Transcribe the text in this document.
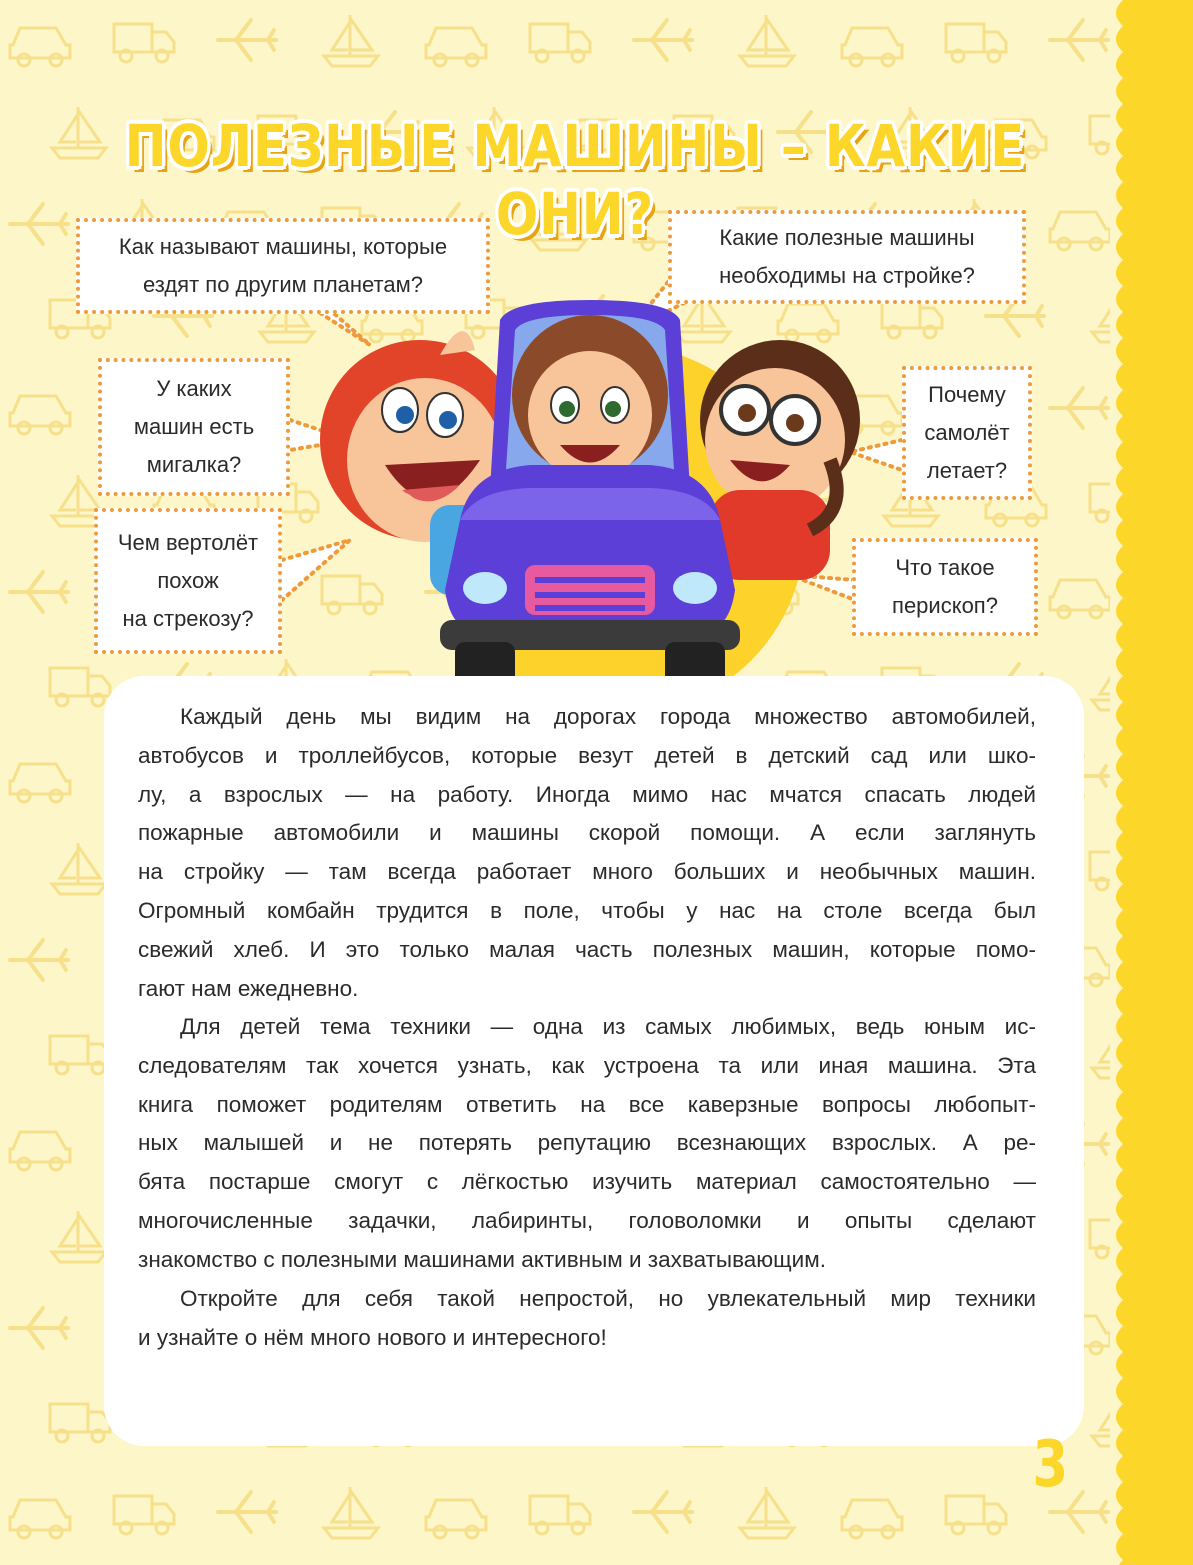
ПОЛЕЗНЫЕ МАШИНЫ – КАКИЕ ОНИ?
Как называют машины, которые
ездят по другим планетам?
Какие полезные машины
необходимы на стройке?
У каких
машин есть
мигалка?
Почему
самолёт
летает?
Чем вертолёт
похож
на стрекозу?
Что такое
перископ?
Каждый день мы видим на дорогах города множество автомобилей,
автобусов и троллейбусов, которые везут детей в детский сад или шко-
лу, а взрослых — на работу. Иногда мимо нас мчатся спасать людей
пожарные автомобили и машины скорой помощи. А если заглянуть
на стройку — там всегда работает много больших и необычных машин.
Огромный комбайн трудится в поле, чтобы у нас на столе всегда был
свежий хлеб. И это только малая часть полезных машин, которые помо-
гают нам ежедневно.
Для детей тема техники — одна из самых любимых, ведь юным ис-
следователям так хочется узнать, как устроена та или иная машина. Эта
книга поможет родителям ответить на все каверзные вопросы любопыт-
ных малышей и не потерять репутацию всезнающих взрослых. А ре-
бята постарше смогут с лёгкостью изучить материал самостоятельно —
многочисленные задачки, лабиринты, головоломки и опыты сделают
знакомство с полезными машинами активным и захватывающим.
Откройте для себя такой непростой, но увлекательный мир техники
и узнайте о нём много нового и интересного!
3
